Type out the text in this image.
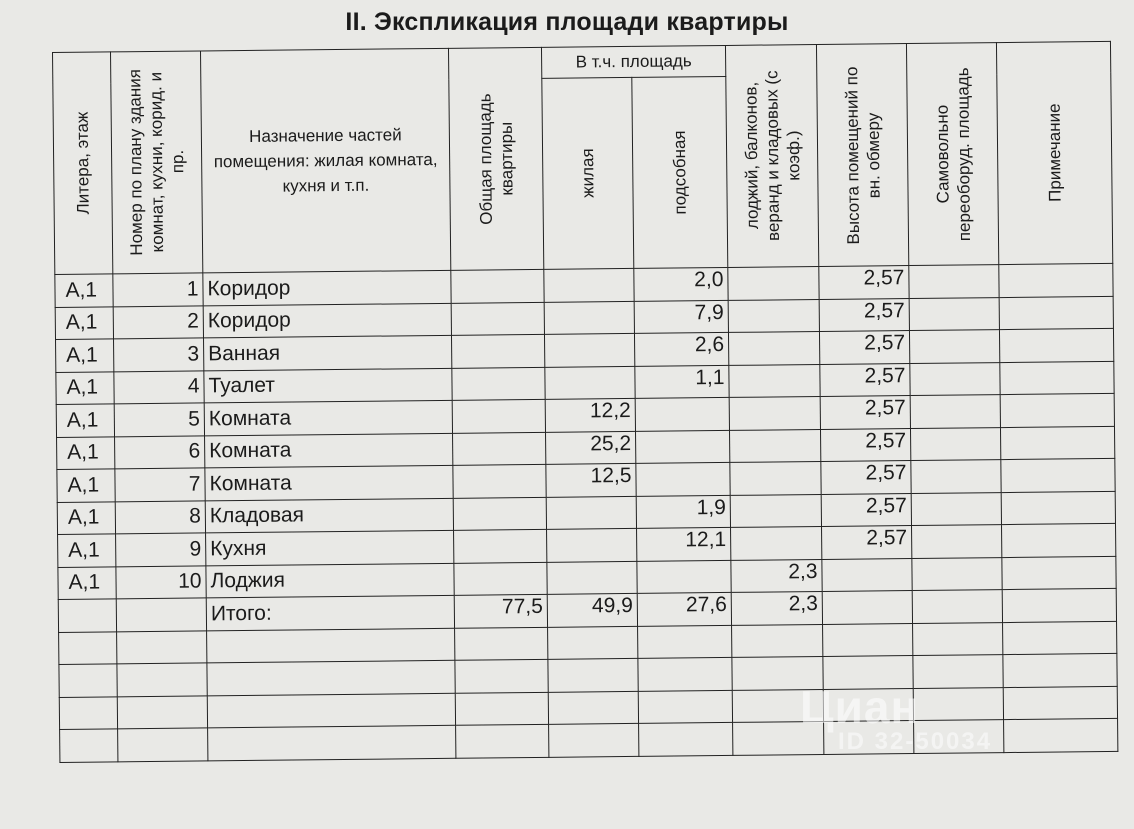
II. Экспликация площади квартиры
Литера, этаж	Номер по плану здания
комнат, кухни, корид. и
пр.	Назначение частей помещения: жилая комната, кухня и т.п.	Общая площадь
квартиры	В т.ч. площадь		лоджий, балконов,
веранд и кладовых (с
коэф.)	Высота помещений по
вн. обмеру	Самовольно
переоборуд. площадь	Примечание

				жилая	подсобная				

А,1	1	Коридор			2,0		2,57		
А,1	2	Коридор			7,9		2,57		
А,1	3	Ванная			2,6		2,57		
А,1	4	Туалет			1,1		2,57		
А,1	5	Комната		12,2			2,57		
А,1	6	Комната		25,2			2,57		
А,1	7	Комната		12,5			2,57		
А,1	8	Кладовая			1,9		2,57		
А,1	9	Кухня			12,1		2,57		
А,1	10	Лоджия				2,3			
		Итого:	77,5	49,9	27,6	2,3			

Циан
ID 32-50034
